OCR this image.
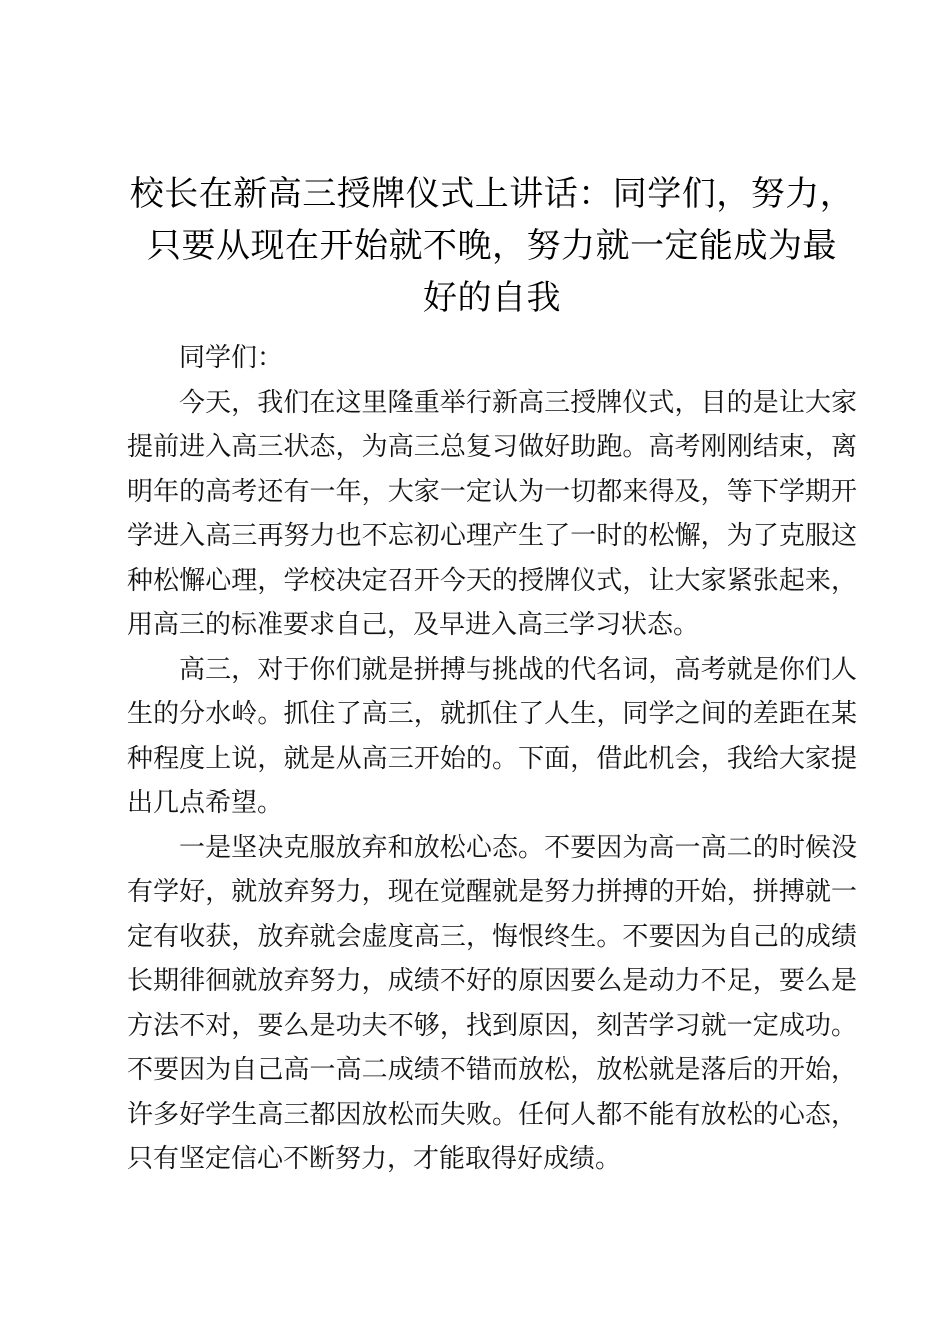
校长在新高三授牌仪式上讲话：同学们，努力，
只要从现在开始就不晚，努力就一定能成为最
好的自我

同学们：

今天，我们在这里隆重举行新高三授牌仪式，目的是让大家提前进入高三状态，为高三总复习做好助跑。高考刚刚结束，离明年的高考还有一年，大家一定认为一切都来得及，等下学期开学进入高三再努力也不忘初心理产生了一时的松懈，为了克服这种松懈心理，学校决定召开今天的授牌仪式，让大家紧张起来，用高三的标准要求自己，及早进入高三学习状态。

高三，对于你们就是拼搏与挑战的代名词，高考就是你们人生的分水岭。抓住了高三，就抓住了人生，同学之间的差距在某种程度上说，就是从高三开始的。下面，借此机会，我给大家提出几点希望。

一是坚决克服放弃和放松心态。不要因为高一高二的时候没有学好，就放弃努力，现在觉醒就是努力拼搏的开始，拼搏就一定有收获，放弃就会虚度高三，悔恨终生。不要因为自己的成绩长期徘徊就放弃努力，成绩不好的原因要么是动力不足，要么是方法不对，要么是功夫不够，找到原因，刻苦学习就一定成功。不要因为自己高一高二成绩不错而放松，放松就是落后的开始，许多好学生高三都因放松而失败。任何人都不能有放松的心态，只有坚定信心不断努力，才能取得好成绩。
